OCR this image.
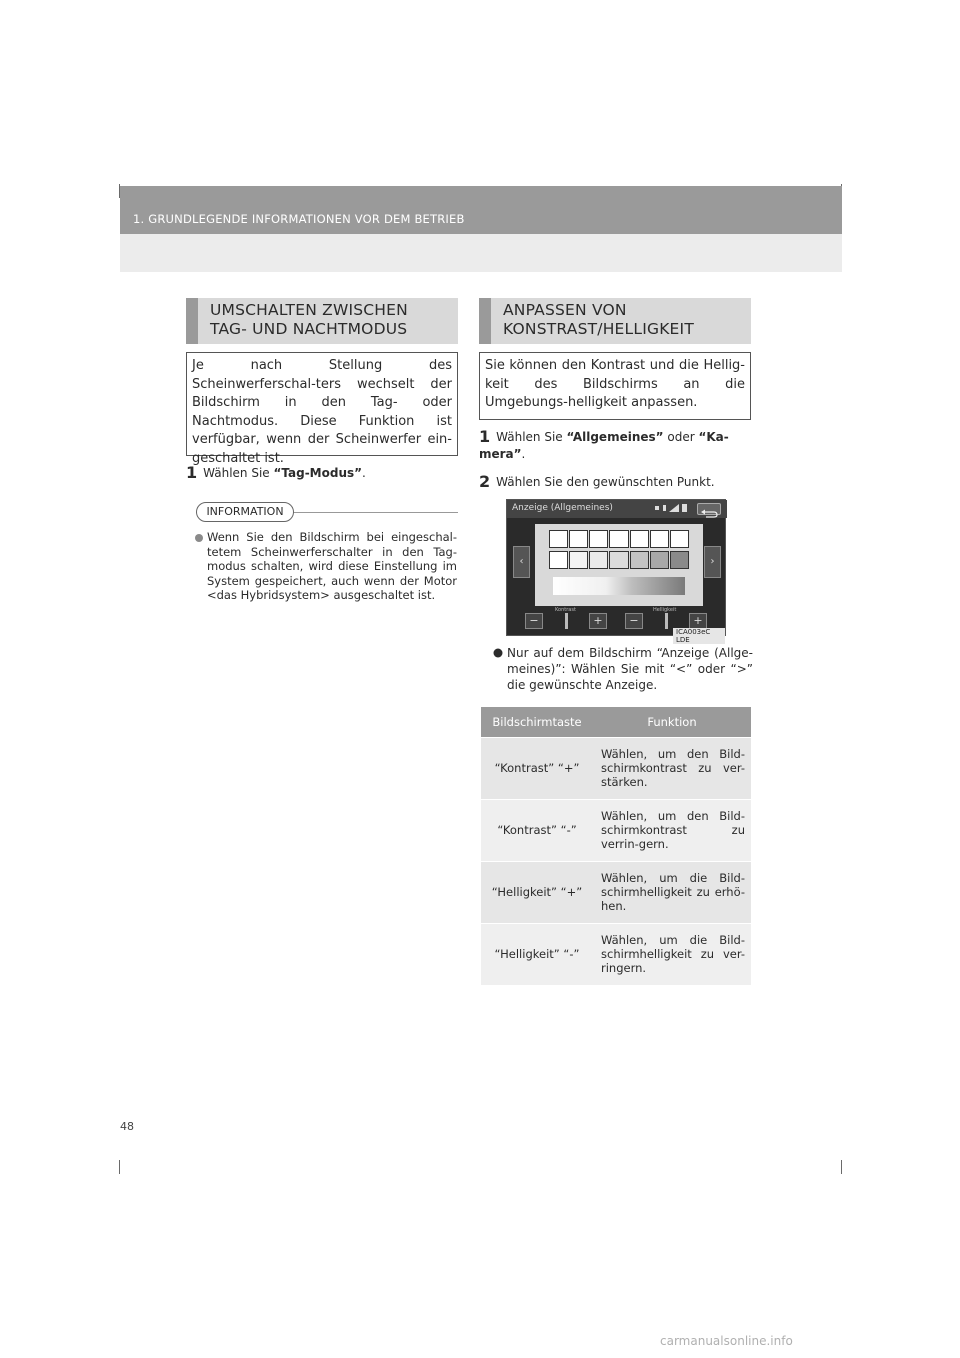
1. GRUNDLEGENDE INFORMATIONEN VOR DEM BETRIEB
UMSCHALTEN ZWISCHEN
TAG- UND NACHTMODUS
Je nach Stellung des Scheinwerferschal-ters wechselt der Bildschirm in den Tag- oder Nachtmodus. Diese Funktion ist verfügbar, wenn der Scheinwerfer ein-geschaltet ist.
1 Wählen Sie “Tag-Modus”.
INFORMATION
Wenn Sie den Bildschirm bei eingeschal-tetem Scheinwerferschalter in den Tag-modus schalten, wird diese Einstellung im System gespeichert, auch wenn der Motor <das Hybridsystem> ausgeschaltet ist.
ANPASSEN VON
KONSTRAST/HELLIGKEIT
Sie können den Kontrast und die Hellig-keit des Bildschirms an die Umgebungs-helligkeit anpassen.
1 Wählen Sie “Allgemeines” oder “Ka-mera”.
2 Wählen Sie den gewünschten Punkt.
Anzeige (Allgemeines)
‹	›
Kontrast	Helligkeit
−	+	−	+
ICA003eC LDE
Nur auf dem Bildschirm “Anzeige (Allge-meines)”: Wählen Sie mit “<” oder “>” die gewünschte Anzeige.
Bildschirmtaste	Funktion
“Kontrast” “+”	Wählen, um den Bild-schirmkontrast zu ver-stärken.
“Kontrast” “-”	Wählen, um den Bild-schirmkontrast zu verrin-gern.
“Helligkeit” “+”	Wählen, um die Bild-schirmhelligkeit zu erhö-hen.
“Helligkeit” “-”	Wählen, um die Bild-schirmhelligkeit zu ver-ringern.
48
carmanualsonline.info
